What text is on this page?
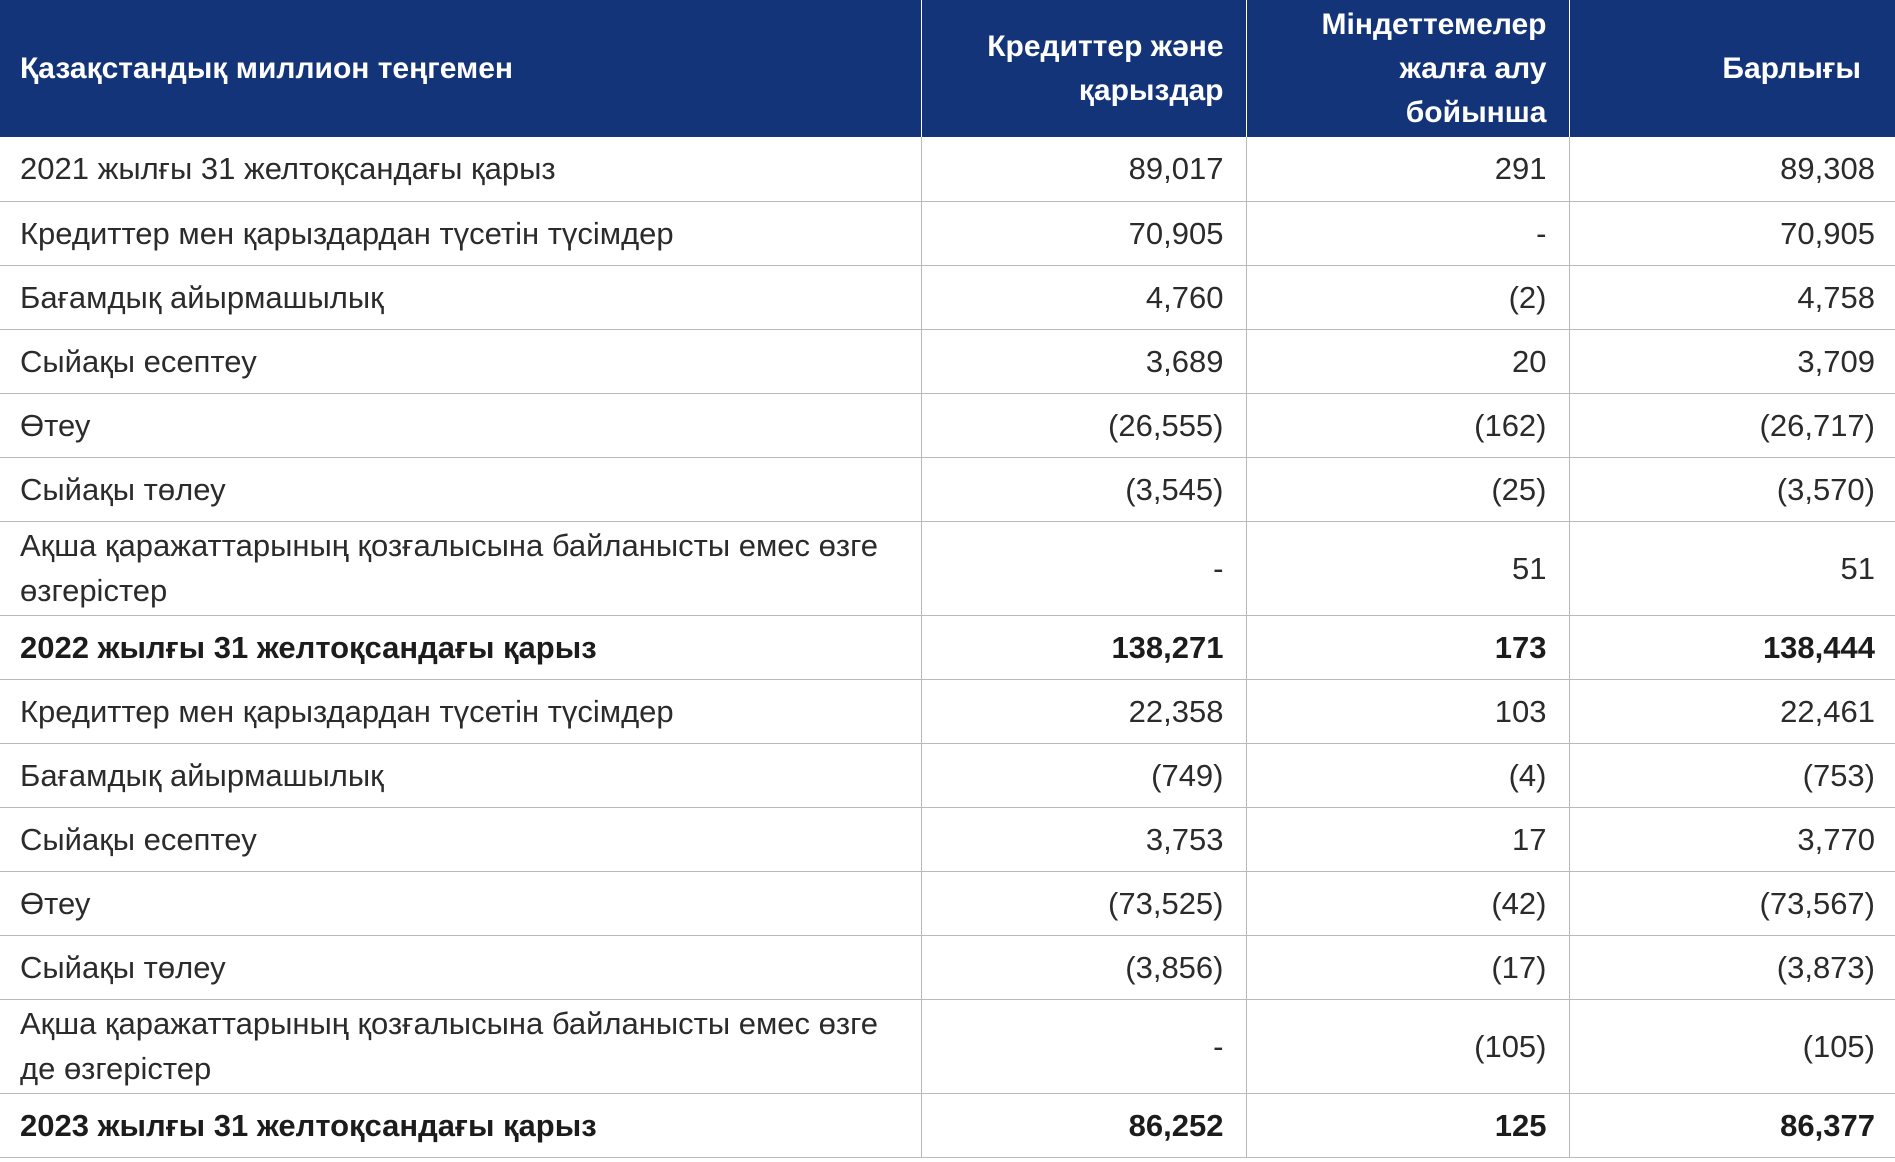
Қазақстандық миллион теңгемен	Кредиттер және қарыздар	Міндеттемелер жалға алу бойынша	Барлығы
2021 жылғы 31 желтоқсандағы қарыз	89,017	291	89,308
Кредиттер мен қарыздардан түсетін түсімдер	70,905	-	70,905
Бағамдық айырмашылық	4,760	(2)	4,758
Сыйақы есептеу	3,689	20	3,709
Өтеу	(26,555)	(162)	(26,717)
Сыйақы төлеу	(3,545)	(25)	(3,570)
Ақша қаражаттарының қозғалысына байланысты емес өзге өзгерістер	-	51	51
2022 жылғы 31 желтоқсандағы қарыз	138,271	173	138,444
Кредиттер мен қарыздардан түсетін түсімдер	22,358	103	22,461
Бағамдық айырмашылық	(749)	(4)	(753)
Сыйақы есептеу	3,753	17	3,770
Өтеу	(73,525)	(42)	(73,567)
Сыйақы төлеу	(3,856)	(17)	(3,873)
Ақша қаражаттарының қозғалысына байланысты емес өзге де өзгерістер	-	(105)	(105)
2023 жылғы 31 желтоқсандағы қарыз	86,252	125	86,377
